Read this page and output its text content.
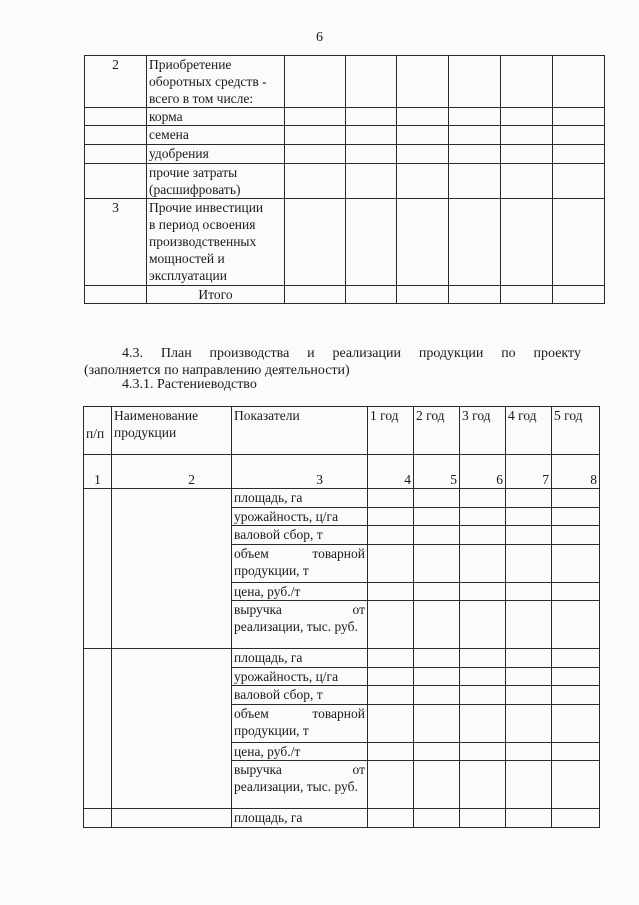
6
2	Приобретение
оборотных средств -
всего в том числе:						

	корма						

	семена						

	удобрения						

	прочие затраты
(расшифровать)						

3	Прочие инвестиции
в период освоения
производственных
мощностей и
эксплуатации						

	Итого						
4.3. План производства и реализации продукции по проекту
(заполняется по направлению деятельности)
4.3.1. Растениеводство
п/п	Наименование продукции	Показатели	1 год	2 год	3 год	4 год	5 год
1	2	3	4	5	6	7	8
		площадь, га					
		урожайность, ц/га					
		валовой сбор, т					
		объем товарной продукции, т					
		цена, руб./т					
		выручка от реализации, тыс. руб.					
		площадь, га					
		урожайность, ц/га					
		валовой сбор, т					
		объем товарной продукции, т					
		цена, руб./т					
		выручка от реализации, тыс. руб.					
		площадь, га					
